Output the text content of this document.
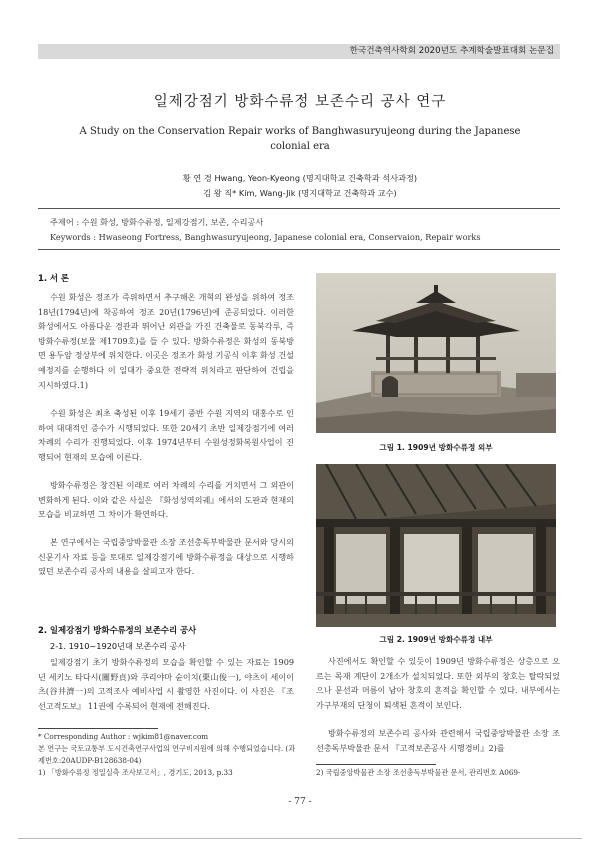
한국건축역사학회 2020년도 추계학술발표대회 논문집
일제강점기 방화수류정 보존수리 공사 연구
A Study on the Conservation Repair works of Banghwasuryujeong during the Japanese
colonial era
황 연 경 Hwang, Yeon-Kyeong (명지대학교 건축학과 석사과정)
김 왕 직* Kim, Wang-Jik (명지대학교 건축학과 교수)
주제어 : 수원 화성, 방화수류정, 일제강점기, 보존, 수리공사
Keywords : Hwaseong Fortress, Banghwasuryujeong, Japanese colonial era, Conservaion, Repair works
1. 서 론

수원 화성은 정조가 즉위하면서 추구해온 개혁의 완성을 위하여 정조 18년(1794년)에 착공하여 정조 20년(1796년)에 준공되었다. 이러한 화성에서도 아름다운 경관과 뛰어난 외관을 가진 건축물로 동북각루, 즉 방화수류정(보물 제1709호)을 들 수 있다. 방화수류정은 화성의 동북방면 용두암 정상부에 위치한다. 이곳은 정조가 화성 기공식 이후 화성 건설 예정지를 순행하다 이 일대가 중요한 전략적 위치라고 판단하여 건립을 지시하였다.1)

수원 화성은 최초 축성된 이후 19세기 중반 수원 지역의 대홍수로 인하여 대대적인 증수가 시행되었다. 또한 20세기 초반 일제강점기에 여러 차례의 수리가 진행되었다. 이후 1974년부터 수원성정화복원사업이 진행되어 현재의 모습에 이른다.

방화수류정은 창건된 이래로 여러 차례의 수리를 거치면서 그 외관이 변화하게 된다. 이와 같은 사실은 『화성성역의궤』에서의 도판과 현재의 모습을 비교하면 그 차이가 확연하다.

본 연구에서는 국립중앙박물관 소장 조선총독부박물관 문서와 당시의 신문기사 자료 등을 토대로 일제강점기에 방화수류정을 대상으로 시행하였던 보존수리 공사의 내용을 살피고자 한다.

2. 일제강점기 방화수류정의 보존수리 공사
2-1. 1910~1920년대 보존수리 공사

일제강점기 초기 방화수류정의 모습을 확인할 수 있는 자료는 1909년 세키노 타다시(關野貞)와 쿠리야마 슌이치(栗山俊一), 야츠이 세이이츠(谷井濟一)의 고적조사 예비사업 시 촬영한 사진이다. 이 사진은 『조선고적도보』 11권에 수록되어 현재에 전해진다.

* Corresponding Author : wjkim81@naver.com

본 연구는 국토교통부 도시건축연구사업의 연구비지원에 의해 수행되었습니다. (과제번호:20AUDP-B128638-04)

1) 「방화수류정 정밀실측 조사보고서」, 경기도, 2013, p.33

그림 1. 1909년 방화수류정 외부
그림 2. 1909년 방화수류정 내부

사진에서도 확인할 수 있듯이 1909년 방화수류정은 상층으로 오르는 목재 계단이 2개소가 설치되었다. 또한 외부의 창호는 탈락되었으나 문선과 머름이 남아 창호의 흔적을 확인할 수 있다. 내부에서는 가구부재의 단청이 퇴색된 흔적이 보인다.

방화수류정의 보존수리 공사와 관련해서 국립중앙박물관 소장 조선총독부박물관 문서 『고적보존공사 시행경비』2)를

2) 국립중앙박물관 소장 조선총독부박물관 문서, 관리번호 A069-

- 77 -
